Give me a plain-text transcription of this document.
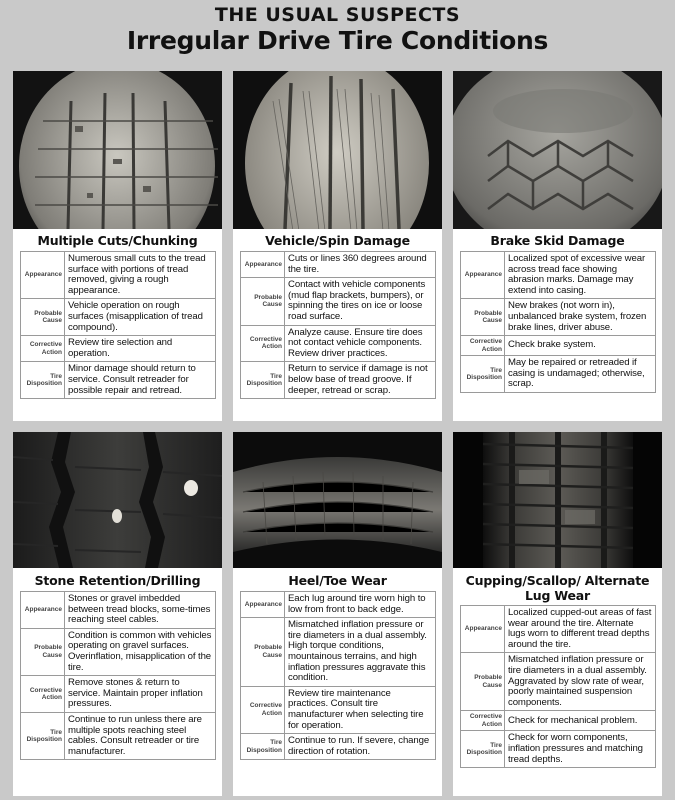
THE USUAL SUSPECTS
Irregular Drive Tire Conditions
Multiple Cuts/Chunking
Appearance	Numerous small cuts to the tread surface with portions of tread removed, giving a rough appearance.
Probable Cause	Vehicle operation on rough surfaces (misapplication of tread compound).
Corrective Action	Review tire selection and operation.
Tire Disposition	Minor damage should return to service. Consult retreader for possible repair and retread.
Vehicle/Spin Damage
Appearance	Cuts or lines 360 degrees around the tire.
Probable Cause	Contact with vehicle components (mud flap brackets, bumpers), or spinning the tires on ice or loose road surface.
Corrective Action	Analyze cause. Ensure tire does not contact vehicle components. Review driver practices.
Tire Disposition	Return to service if damage is not below base of tread groove. If deeper, retread or scrap.
Brake Skid Damage
Appearance	Localized spot of excessive wear across tread face showing abrasion marks. Damage may extend into casing.
Probable Cause	New brakes (not worn in), unbalanced brake system, frozen brake lines, driver abuse.
Corrective Action	Check brake system.
Tire Disposition	May be repaired or retreaded if casing is undamaged; otherwise, scrap.
Stone Retention/Drilling
Appearance	Stones or gravel imbedded between tread blocks, some-times reaching steel cables.
Probable Cause	Condition is common with vehicles operating on gravel surfaces. Overinflation, misapplication of the tire.
Corrective Action	Remove stones & return to service. Maintain proper inflation pressures.
Tire Disposition	Continue to run unless there are multiple spots reaching steel cables. Consult retreader or tire manufacturer.
Heel/Toe Wear
Appearance	Each lug around tire worn high to low from front to back edge.
Probable Cause	Mismatched inflation pressure or tire diameters in a dual assembly. High torque conditions, mountainous terrains, and high inflation pressures aggravate this condition.
Corrective Action	Review tire maintenance practices. Consult tire manufacturer when selecting tire for operation.
Tire Disposition	Continue to run. If severe, change direction of rotation.
Cupping/Scallop/ Alternate Lug Wear
Appearance	Localized cupped-out areas of fast wear around the tire. Alternate lugs worn to different tread depths around the tire.
Probable Cause	Mismatched inflation pressure or tire diameters in a dual assembly. Aggravated by slow rate of wear, poorly maintained suspension components.
Corrective Action	Check for mechanical problem.
Tire Disposition	Check for worn components, inflation pressures and matching tread depths.
